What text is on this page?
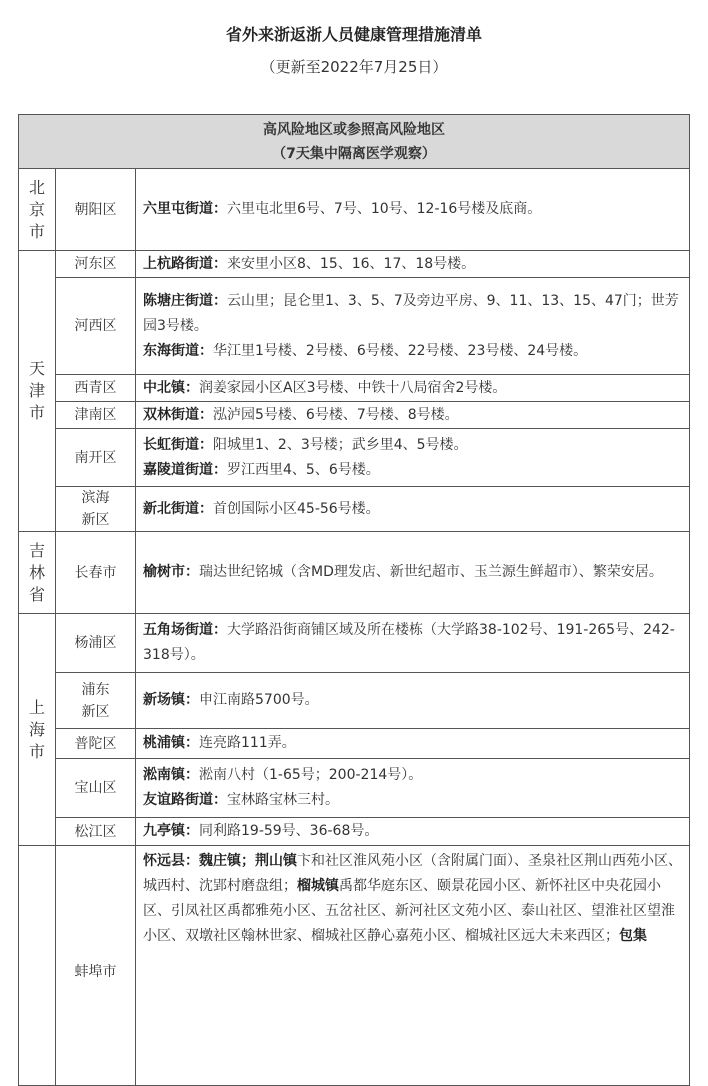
省外来浙返浙人员健康管理措施清单
（更新至2022年7月25日）
高风险地区或参照高风险地区
（7天集中隔离医学观察）		

北
京
市	朝阳区	六里屯街道：六里屯北里6号、7号、10号、12-16号楼及底商。

天
津
市	河东区	上杭路街道：来安里小区8、15、16、17、18号楼。
	河西区	陈塘庄街道：云山里；昆仑里1、3、5、7及旁边平房、9、11、13、15、47门；世芳园3号楼。
东海街道：华江里1号楼、2号楼、6号楼、22号楼、23号楼、24号楼。

	西青区	中北镇：润姜家园小区A区3号楼、中铁十八局宿舍2号楼。
	津南区	双林街道：泓泸园5号楼、6号楼、7号楼、8号楼。
	南开区	长虹街道：阳城里1、2、3号楼；武乡里4、5号楼。
嘉陵道街道：罗江西里4、5、6号楼。

	滨海
新区	新北街道：首创国际小区45-56号楼。

吉
林
省	长春市	榆树市：瑞达世纪铭城（含MD理发店、新世纪超市、玉兰源生鲜超市）、繁荣安居。

上
海
市	杨浦区	五角场街道：大学路沿街商铺区域及所在楼栋（大学路38-102号、191-265号、242-318号）。

	浦东
新区	新场镇：申江南路5700号。
	普陀区	桃浦镇：连亮路111弄。
	宝山区	淞南镇：淞南八村（1-65号；200-214号）。
友谊路街道：宝林路宝林三村。

	松江区	九亭镇：同利路19-59号、36-68号。
	蚌埠市	怀远县：魏庄镇；荆山镇卞和社区淮风苑小区（含附属门面）、圣泉社区荆山西苑小区、城西村、沈郢村磨盘组；榴城镇禹都华庭东区、颐景花园小区、新怀社区中央花园小区、引凤社区禹都雅苑小区、五岔社区、新河社区文苑小区、泰山社区、望淮社区望淮小区、双墩社区翰林世家、榴城社区静心嘉苑小区、榴城社区远大未来西区；包集
